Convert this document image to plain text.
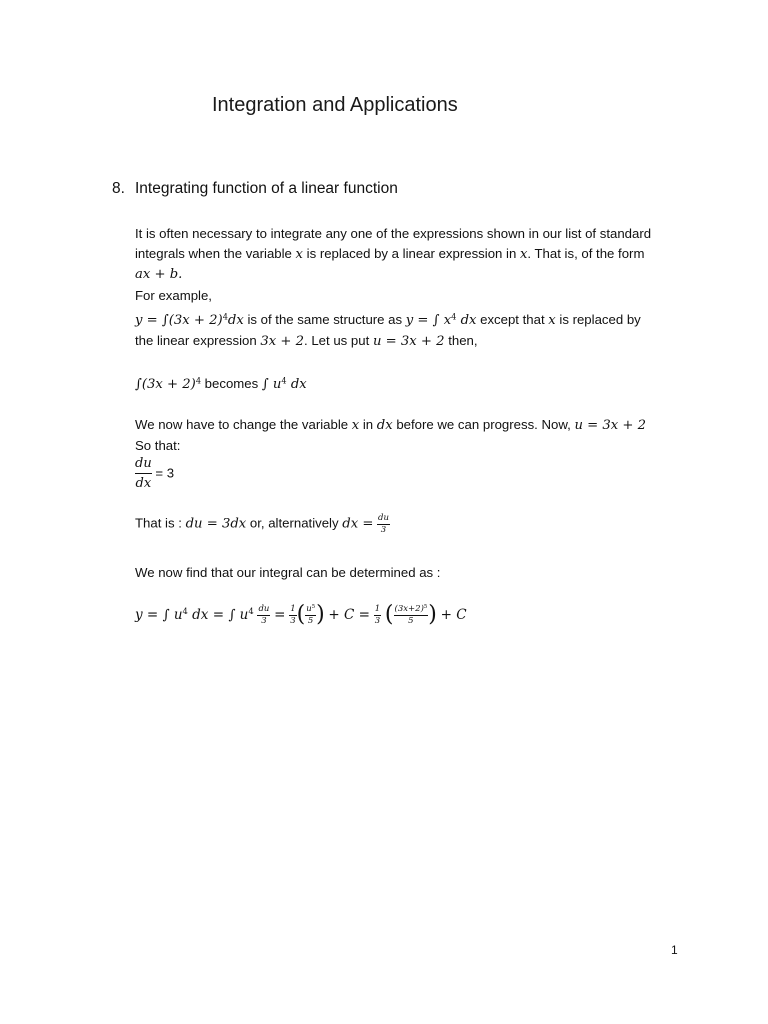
Integration and Applications
8. Integrating function of a linear function
It is often necessary to integrate any one of the expressions shown in our list of standard
integrals when the variable x is replaced by a linear expression in x. That is, of the form
ax + b.
For example,
$y = \int(3x + 2)^4dx$ is of the same structure as y = ∫ $x^4$ dx except that x is replaced by
the linear expression 3x + 2. Let us put u = 3x + 2 then,
$\int(3x + 2)^4$ becomes ∫ $u^4$ dx
We now have to change the variable x in dx before we can progress. Now, u = 3x + 2
So that:
$\frac{du}{dx} = 3$
That is : du = 3dx or, alternatively dx = $\frac{du}{3}$
We now find that our integral can be determined as :
y = ∫ $u^4$ dx = ∫ $u^4 \frac{du}{3} = \frac{1}{3}$ ( $\frac{u^5}{5}$ ) + $C = \frac{1}{3}$ ( $\frac{(3x+2)^5}{5}$ ) + C
1
